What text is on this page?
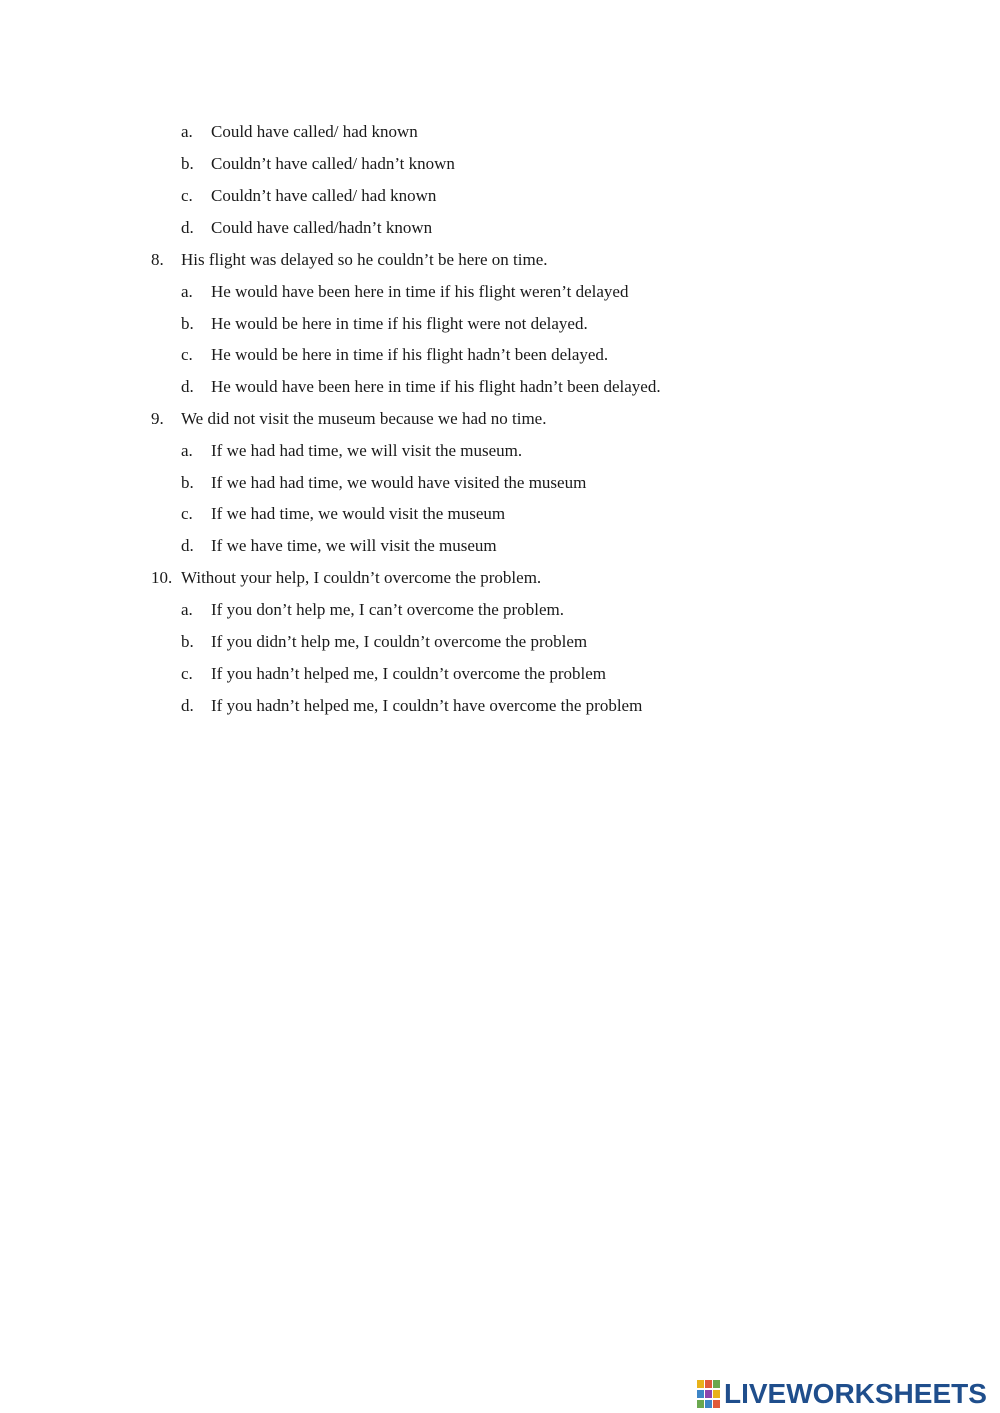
a. Could have called/ had known
b. Couldn’t have called/ hadn’t known
c. Couldn’t have called/ had known
d. Could have called/hadn’t known
8. His flight was delayed so he couldn’t be here on time.
a. He would have been here in time if his flight weren’t delayed
b. He would be here in time if his flight were not delayed.
c. He would be here in time if his flight hadn’t been delayed.
d. He would have been here in time if his flight hadn’t been delayed.
9. We did not visit the museum because we had no time.
a. If we had had time, we will visit the museum.
b. If we had had time, we would have visited the museum
c. If we had time, we would visit the museum
d. If we have time, we will visit the museum
10. Without your help, I couldn’t overcome the problem.
a. If you don’t help me, I can’t overcome the problem.
b. If you didn’t help me, I couldn’t overcome the problem
c. If you hadn’t helped me, I couldn’t overcome the problem
d. If you hadn’t helped me, I couldn’t have overcome the problem
LIVEWORKSHEETS
